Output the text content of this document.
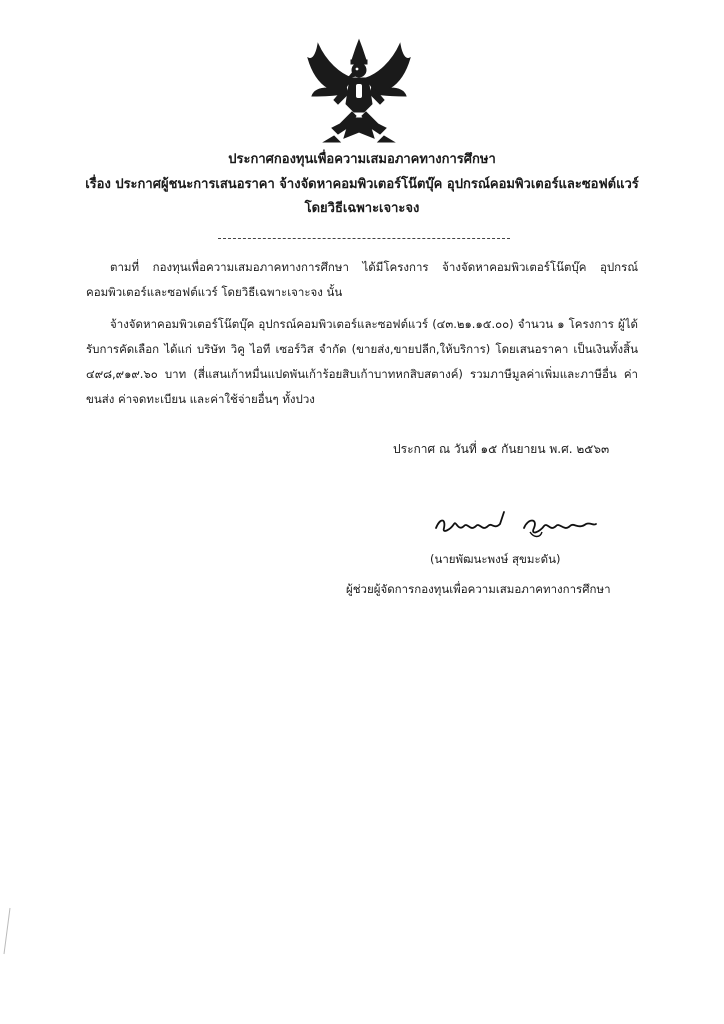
ประกาศกองทุนเพื่อความเสมอภาคทางการศึกษา
เรื่อง ประกาศผู้ชนะการเสนอราคา จ้างจัดหาคอมพิวเตอร์โน๊ตบุ๊ค อุปกรณ์คอมพิวเตอร์และซอฟต์แวร์
โดยวิธีเฉพาะเจาะจง
ตามที่ กองทุนเพื่อความเสมอภาคทางการศึกษา ได้มีโครงการ จ้างจัดหาคอมพิวเตอร์โน๊ตบุ๊ค อุปกรณ์คอมพิวเตอร์และซอฟต์แวร์ โดยวิธีเฉพาะเจาะจง นั้น
จ้างจัดหาคอมพิวเตอร์โน๊ตบุ๊ค อุปกรณ์คอมพิวเตอร์และซอฟต์แวร์ (๔๓.๒๑.๑๕.๐๐) จำนวน ๑ โครงการ ผู้ได้รับการคัดเลือก ได้แก่ บริษัท วิคู ไอที เซอร์วิส จำกัด (ขายส่ง,ขายปลีก,ให้บริการ) โดยเสนอราคา เป็นเงินทั้งสิ้น ๔๙๘,๙๑๙.๖๐ บาท (สี่แสนเก้าหมื่นแปดพันเก้าร้อยสิบเก้าบาทหกสิบสตางค์) รวมภาษีมูลค่าเพิ่มและภาษีอื่น ค่าขนส่ง ค่าจดทะเบียน และค่าใช้จ่ายอื่นๆ ทั้งปวง
ประกาศ ณ วันที่ ๑๕ กันยายน พ.ศ. ๒๕๖๓
(นายพัฒนะพงษ์ สุขมะดัน)
ผู้ช่วยผู้จัดการกองทุนเพื่อความเสมอภาคทางการศึกษา
